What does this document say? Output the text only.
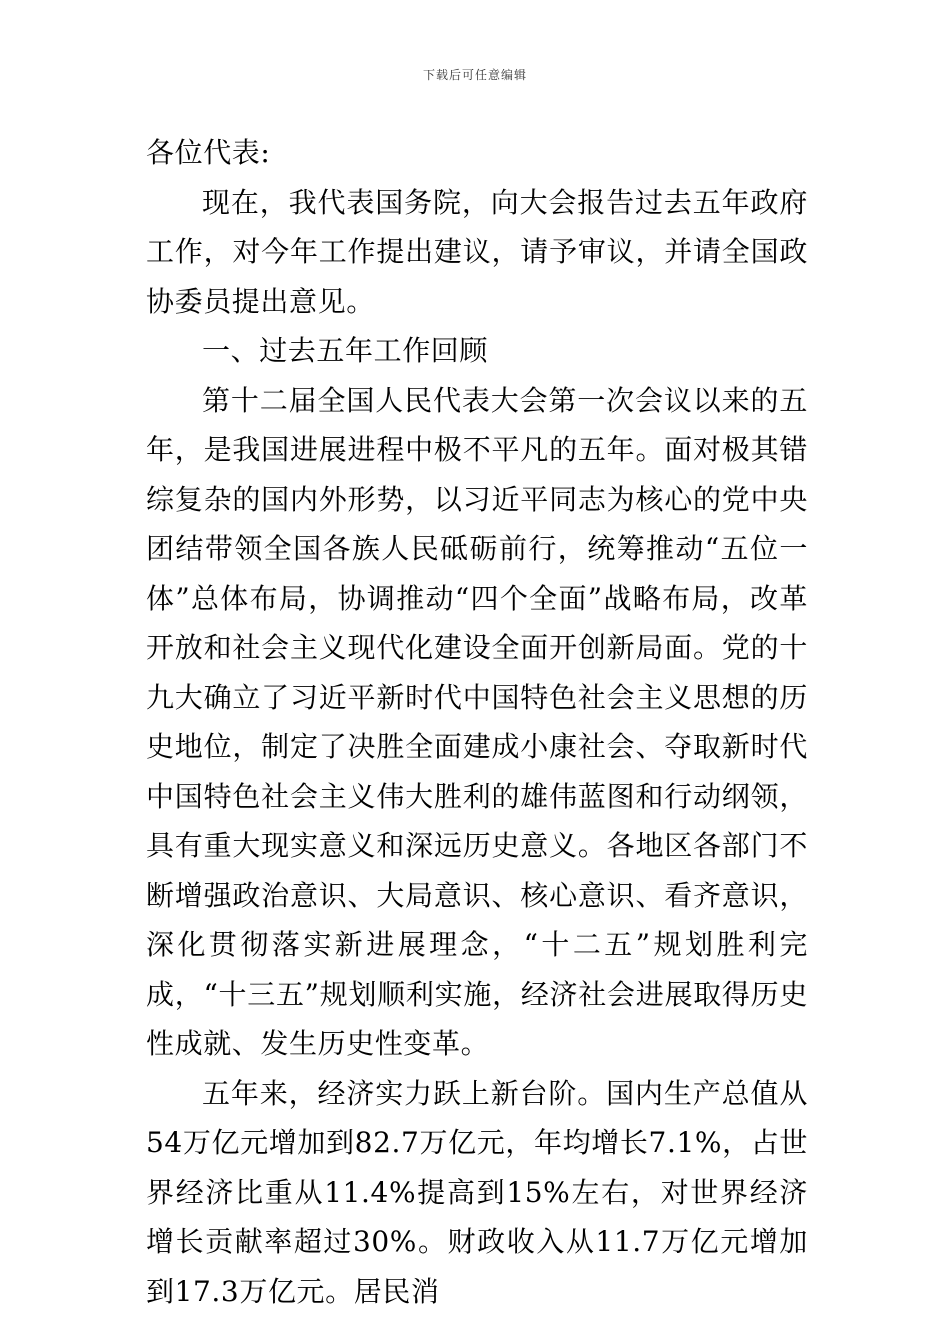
下载后可任意编辑

各位代表:

现在，我代表国务院，向大会报告过去五年政府工作，对今年工作提出建议，请予审议，并请全国政协委员提出意见。

一、过去五年工作回顾

第十二届全国人民代表大会第一次会议以来的五年，是我国进展进程中极不平凡的五年。面对极其错综复杂的国内外形势，以习近平同志为核心的党中央团结带领全国各族人民砥砺前行，统筹推动“五位一体”总体布局，协调推动“四个全面”战略布局，改革开放和社会主义现代化建设全面开创新局面。党的十九大确立了习近平新时代中国特色社会主义思想的历史地位，制定了决胜全面建成小康社会、夺取新时代中国特色社会主义伟大胜利的雄伟蓝图和行动纲领，具有重大现实意义和深远历史意义。各地区各部门不断增强政治意识、大局意识、核心意识、看齐意识，深化贯彻落实新进展理念，“十二五”规划胜利完成，“十三五”规划顺利实施，经济社会进展取得历史性成就、发生历史性变革。

五年来，经济实力跃上新台阶。国内生产总值从54万亿元增加到82.7万亿元，年均增长7.1%，占世界经济比重从11.4%提高到15%左右，对世界经济增长贡献率超过30%。财政收入从11.7万亿元增加到17.3万亿元。居民消
